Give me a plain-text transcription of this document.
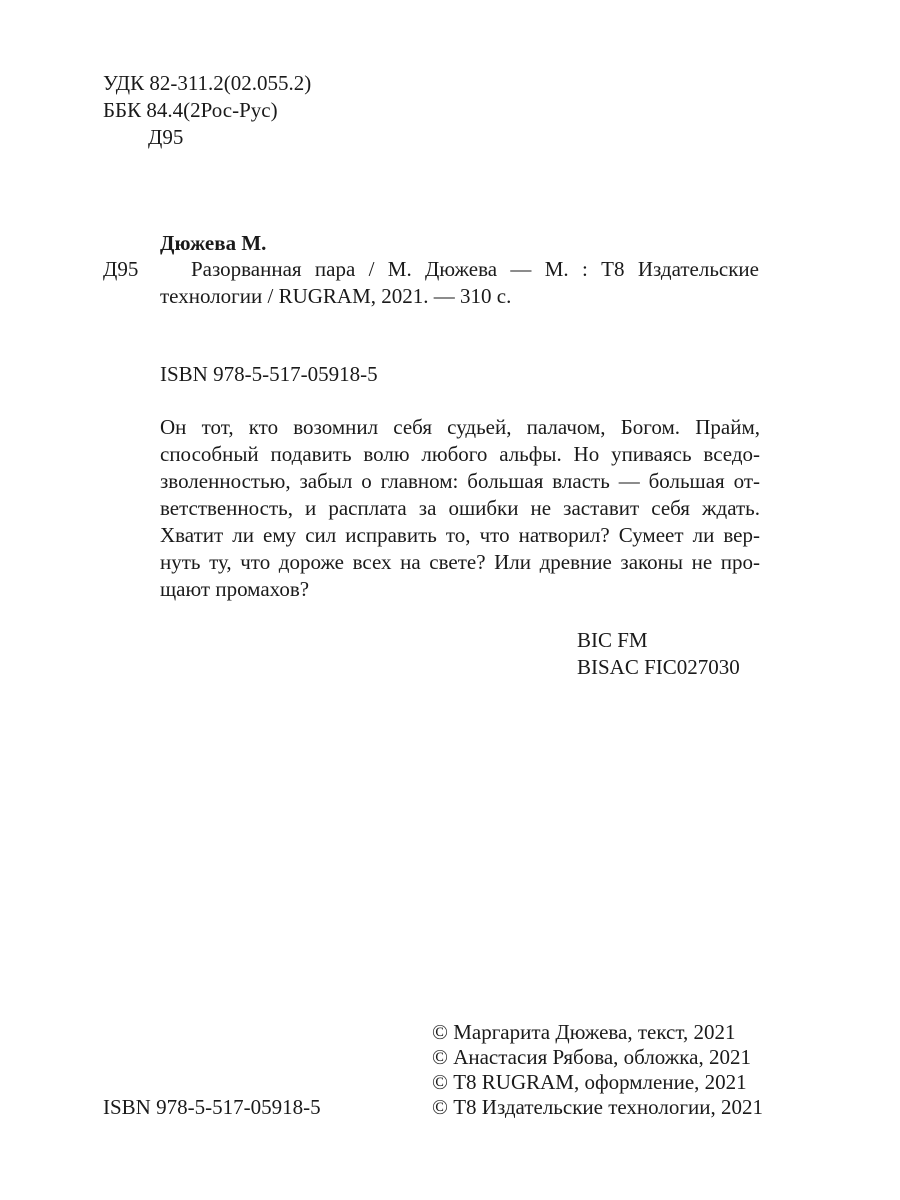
УДК 82-311.2(02.055.2)
ББК 84.4(2Рос-Рус)
Д95
Дюжева М.
Д95	Разорванная пара / М. Дюжева — М. : Т8 Издательские
технологии / RUGRAM, 2021. — 310 с.
ISBN 978-5-517-05918-5
Он тот, кто возомнил себя судьей, палачом, Богом. Прайм,
способный подавить волю любого альфы. Но упиваясь вседо-
зволенностью, забыл о главном: большая власть — большая от-
ветственность, и расплата за ошибки не заставит себя ждать.
Хватит ли ему сил исправить то, что натворил? Сумеет ли вер-
нуть ту, что дороже всех на свете? Или древние законы не про-
щают промахов?
BIC FM
BISAC FIC027030
© Маргарита Дюжева, текст, 2021
© Анастасия Рябова, обложка, 2021
© Т8 RUGRAM, оформление, 2021
© Т8 Издательские технологии, 2021
ISBN 978-5-517-05918-5
